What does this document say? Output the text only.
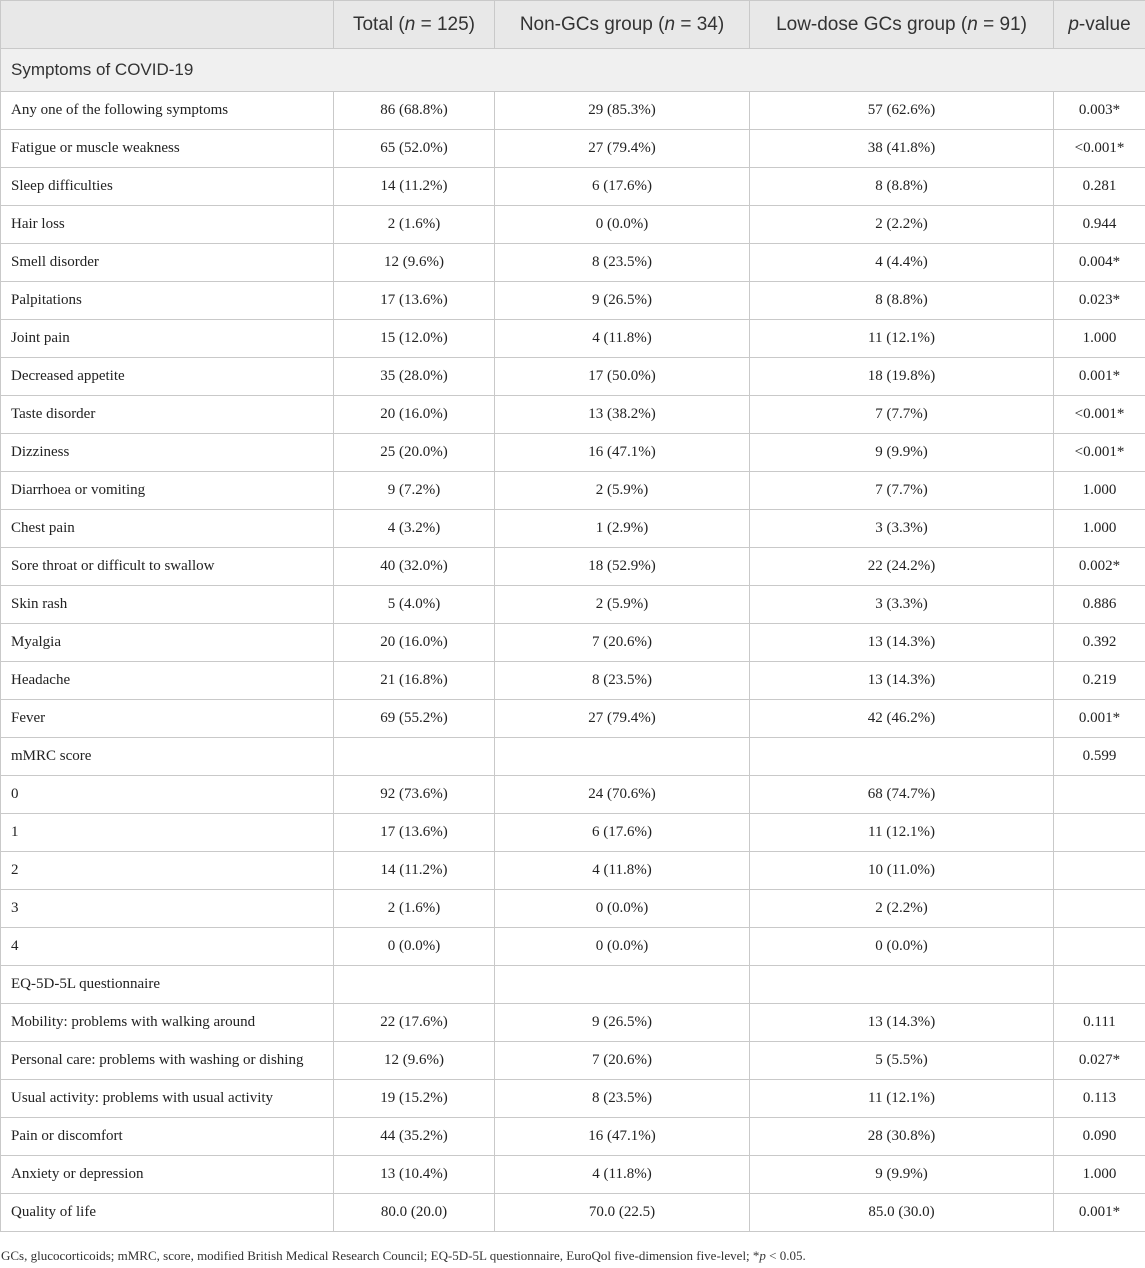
	Total (n = 125)	Non-GCs group (n = 34)	Low-dose GCs group (n = 91)	p-value
Symptoms of COVID-19				
Any one of the following symptoms	86 (68.8%)	29 (85.3%)	57 (62.6%)	0.003*
Fatigue or muscle weakness	65 (52.0%)	27 (79.4%)	38 (41.8%)	<0.001*
Sleep difficulties	14 (11.2%)	6 (17.6%)	8 (8.8%)	0.281
Hair loss	2 (1.6%)	0 (0.0%)	2 (2.2%)	0.944
Smell disorder	12 (9.6%)	8 (23.5%)	4 (4.4%)	0.004*
Palpitations	17 (13.6%)	9 (26.5%)	8 (8.8%)	0.023*
Joint pain	15 (12.0%)	4 (11.8%)	11 (12.1%)	1.000
Decreased appetite	35 (28.0%)	17 (50.0%)	18 (19.8%)	0.001*
Taste disorder	20 (16.0%)	13 (38.2%)	7 (7.7%)	<0.001*
Dizziness	25 (20.0%)	16 (47.1%)	9 (9.9%)	<0.001*
Diarrhoea or vomiting	9 (7.2%)	2 (5.9%)	7 (7.7%)	1.000
Chest pain	4 (3.2%)	1 (2.9%)	3 (3.3%)	1.000
Sore throat or difficult to swallow	40 (32.0%)	18 (52.9%)	22 (24.2%)	0.002*
Skin rash	5 (4.0%)	2 (5.9%)	3 (3.3%)	0.886
Myalgia	20 (16.0%)	7 (20.6%)	13 (14.3%)	0.392
Headache	21 (16.8%)	8 (23.5%)	13 (14.3%)	0.219
Fever	69 (55.2%)	27 (79.4%)	42 (46.2%)	0.001*
mMRC score				0.599
0	92 (73.6%)	24 (70.6%)	68 (74.7%)	
1	17 (13.6%)	6 (17.6%)	11 (12.1%)	
2	14 (11.2%)	4 (11.8%)	10 (11.0%)	
3	2 (1.6%)	0 (0.0%)	2 (2.2%)	
4	0 (0.0%)	0 (0.0%)	0 (0.0%)	
EQ-5D-5L questionnaire				
Mobility: problems with walking around	22 (17.6%)	9 (26.5%)	13 (14.3%)	0.111
Personal care: problems with washing or dishing	12 (9.6%)	7 (20.6%)	5 (5.5%)	0.027*
Usual activity: problems with usual activity	19 (15.2%)	8 (23.5%)	11 (12.1%)	0.113
Pain or discomfort	44 (35.2%)	16 (47.1%)	28 (30.8%)	0.090
Anxiety or depression	13 (10.4%)	4 (11.8%)	9 (9.9%)	1.000
Quality of life	80.0 (20.0)	70.0 (22.5)	85.0 (30.0)	0.001*
GCs, glucocorticoids; mMRC, score, modified British Medical Research Council; EQ-5D-5L questionnaire, EuroQol five-dimension five-level; *p < 0.05.
